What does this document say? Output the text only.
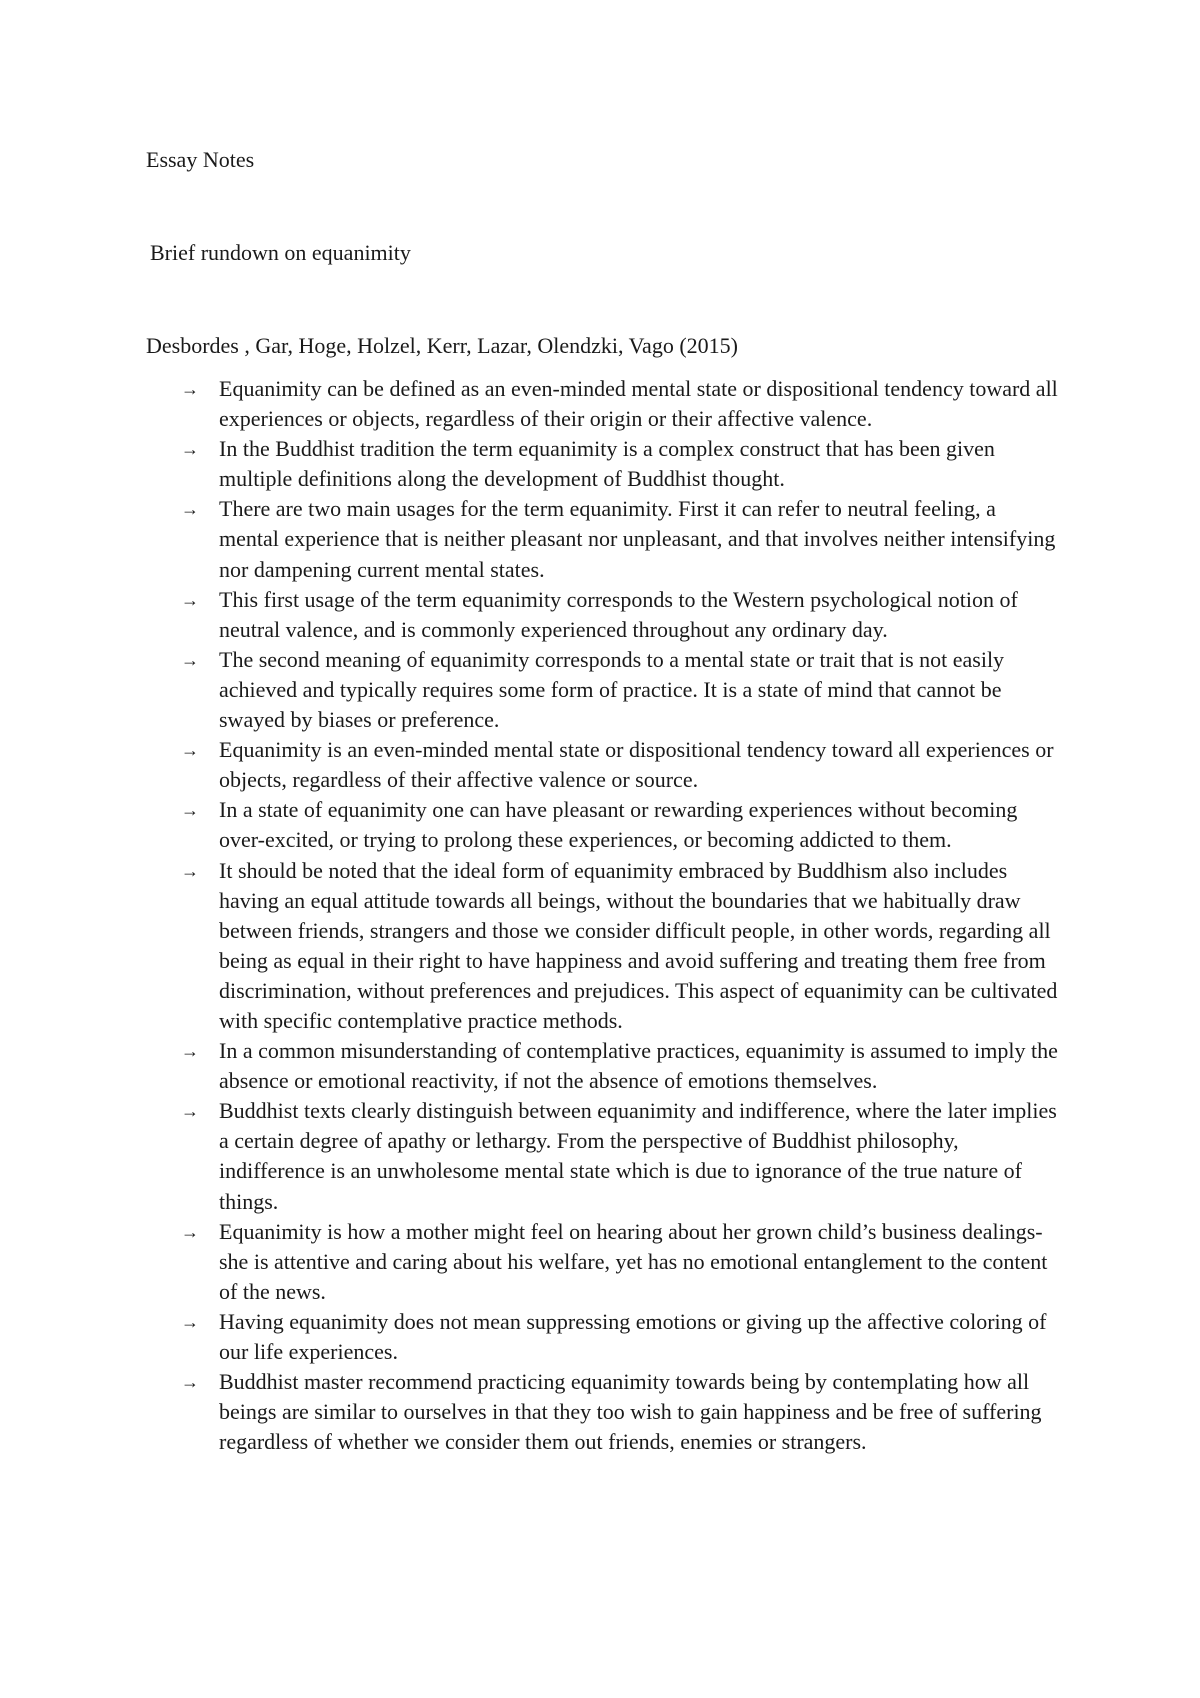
Essay Notes

Brief rundown on equanimity

Desbordes , Gar, Hoge, Holzel, Kerr, Lazar, Olendzki, Vago (2015)

→ Equanimity can be defined as an even-minded mental state or dispositional tendency toward all experiences or objects, regardless of their origin or their affective valence.
→ In the Buddhist tradition the term equanimity is a complex construct that has been given multiple definitions along the development of Buddhist thought.
→ There are two main usages for the term equanimity. First it can refer to neutral feeling, a mental experience that is neither pleasant nor unpleasant, and that involves neither intensifying nor dampening current mental states.
→ This first usage of the term equanimity corresponds to the Western psychological notion of neutral valence, and is commonly experienced throughout any ordinary day.
→ The second meaning of equanimity corresponds to a mental state or trait that is not easily achieved and typically requires some form of practice. It is a state of mind that cannot be swayed by biases or preference.
→ Equanimity is an even-minded mental state or dispositional tendency toward all experiences or objects, regardless of their affective valence or source.
→ In a state of equanimity one can have pleasant or rewarding experiences without becoming over-excited, or trying to prolong these experiences, or becoming addicted to them.
→ It should be noted that the ideal form of equanimity embraced by Buddhism also includes having an equal attitude towards all beings, without the boundaries that we habitually draw between friends, strangers and those we consider difficult people, in other words, regarding all being as equal in their right to have happiness and avoid suffering and treating them free from discrimination, without preferences and prejudices. This aspect of equanimity can be cultivated with specific contemplative practice methods.
→ In a common misunderstanding of contemplative practices, equanimity is assumed to imply the absence or emotional reactivity, if not the absence of emotions themselves.
→ Buddhist texts clearly distinguish between equanimity and indifference, where the later implies a certain degree of apathy or lethargy. From the perspective of Buddhist philosophy, indifference is an unwholesome mental state which is due to ignorance of the true nature of things.
→ Equanimity is how a mother might feel on hearing about her grown child’s business dealings- she is attentive and caring about his welfare, yet has no emotional entanglement to the content of the news.
→ Having equanimity does not mean suppressing emotions or giving up the affective coloring of our life experiences.
→ Buddhist master recommend practicing equanimity towards being by contemplating how all beings are similar to ourselves in that they too wish to gain happiness and be free of suffering regardless of whether we consider them out friends, enemies or strangers.
